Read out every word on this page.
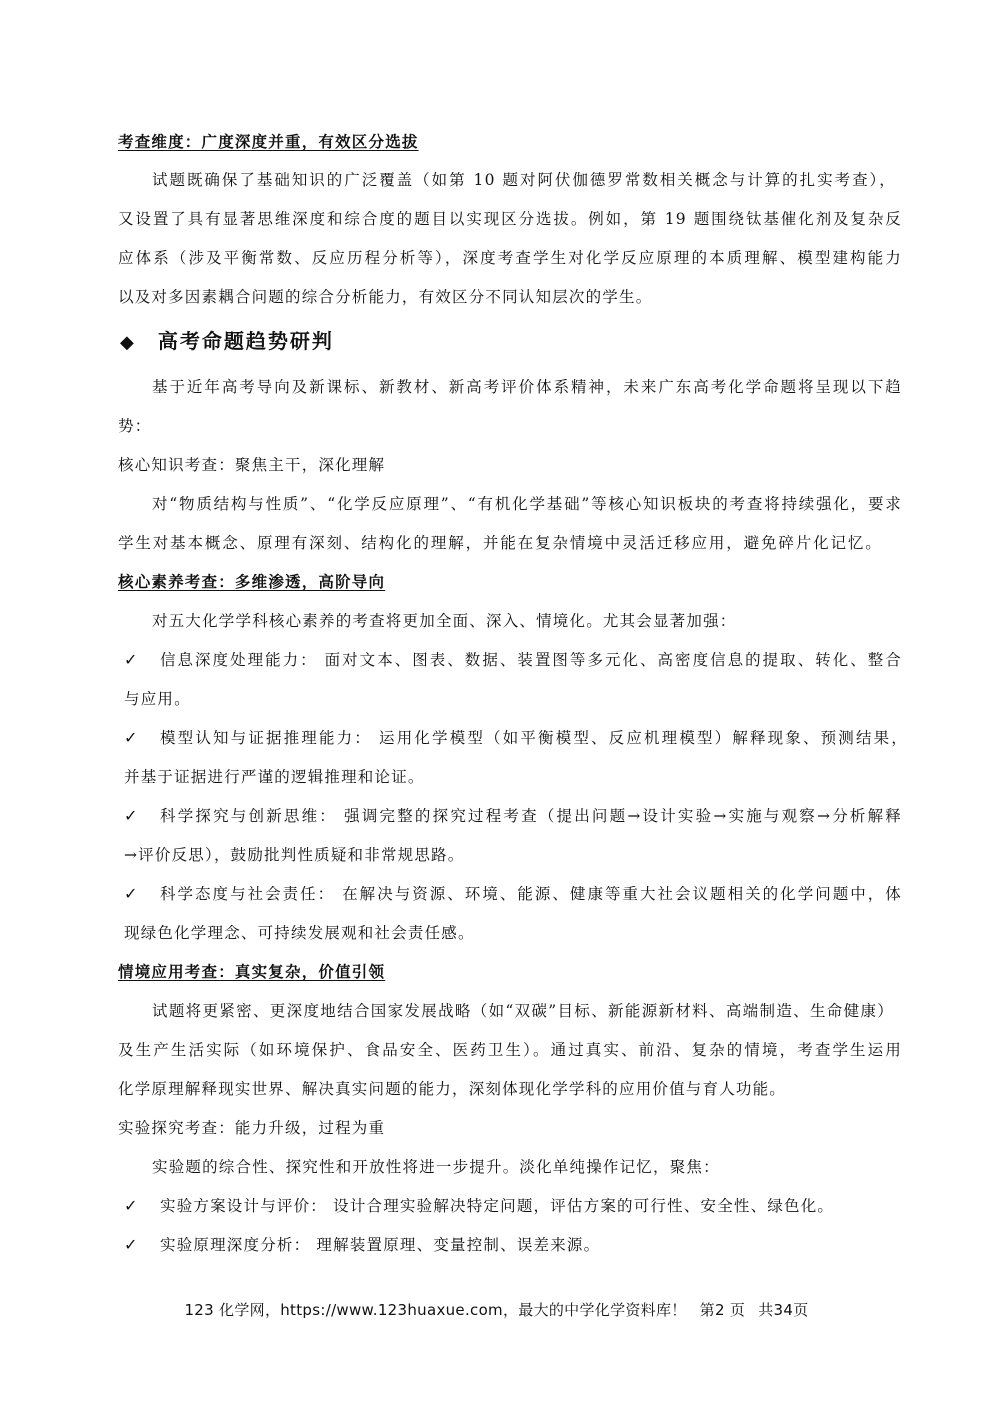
考查维度：广度深度并重，有效区分选拔
试题既确保了基础知识的广泛覆盖（如第 10 题对阿伏伽德罗常数相关概念与计算的扎实考查），
又设置了具有显著思维深度和综合度的题目以实现区分选拔。例如，第 19 题围绕钛基催化剂及复杂反
应体系（涉及平衡常数、反应历程分析等），深度考查学生对化学反应原理的本质理解、模型建构能力
以及对多因素耦合问题的综合分析能力，有效区分不同认知层次的学生。
◆ 高考命题趋势研判
基于近年高考导向及新课标、新教材、新高考评价体系精神，未来广东高考化学命题将呈现以下趋
势：
核心知识考查：聚焦主干，深化理解
对“物质结构与性质”、“化学反应原理”、“有机化学基础”等核心知识板块的考查将持续强化，要求
学生对基本概念、原理有深刻、结构化的理解，并能在复杂情境中灵活迁移应用，避免碎片化记忆。
核心素养考查：多维渗透，高阶导向
对五大化学学科核心素养的考查将更加全面、深入、情境化。尤其会显著加强：
✓ 信息深度处理能力： 面对文本、图表、数据、装置图等多元化、高密度信息的提取、转化、整合
与应用。
✓ 模型认知与证据推理能力： 运用化学模型（如平衡模型、反应机理模型）解释现象、预测结果，
并基于证据进行严谨的逻辑推理和论证。
✓ 科学探究与创新思维： 强调完整的探究过程考查（提出问题→设计实验→实施与观察→分析解释
→评价反思），鼓励批判性质疑和非常规思路。
✓ 科学态度与社会责任： 在解决与资源、环境、能源、健康等重大社会议题相关的化学问题中，体
现绿色化学理念、可持续发展观和社会责任感。
情境应用考查：真实复杂，价值引领
试题将更紧密、更深度地结合国家发展战略（如“双碳”目标、新能源新材料、高端制造、生命健康）
及生产生活实际（如环境保护、食品安全、医药卫生）。通过真实、前沿、复杂的情境，考查学生运用
化学原理解释现实世界、解决真实问题的能力，深刻体现化学学科的应用价值与育人功能。
实验探究考查：能力升级，过程为重
实验题的综合性、探究性和开放性将进一步提升。淡化单纯操作记忆，聚焦：
✓ 实验方案设计与评价： 设计合理实验解决特定问题，评估方案的可行性、安全性、绿色化。
✓ 实验原理深度分析： 理解装置原理、变量控制、误差来源。
123 化学网，https://www.123huaxue.com，最大的中学化学资料库！ 第2 页 共34页
